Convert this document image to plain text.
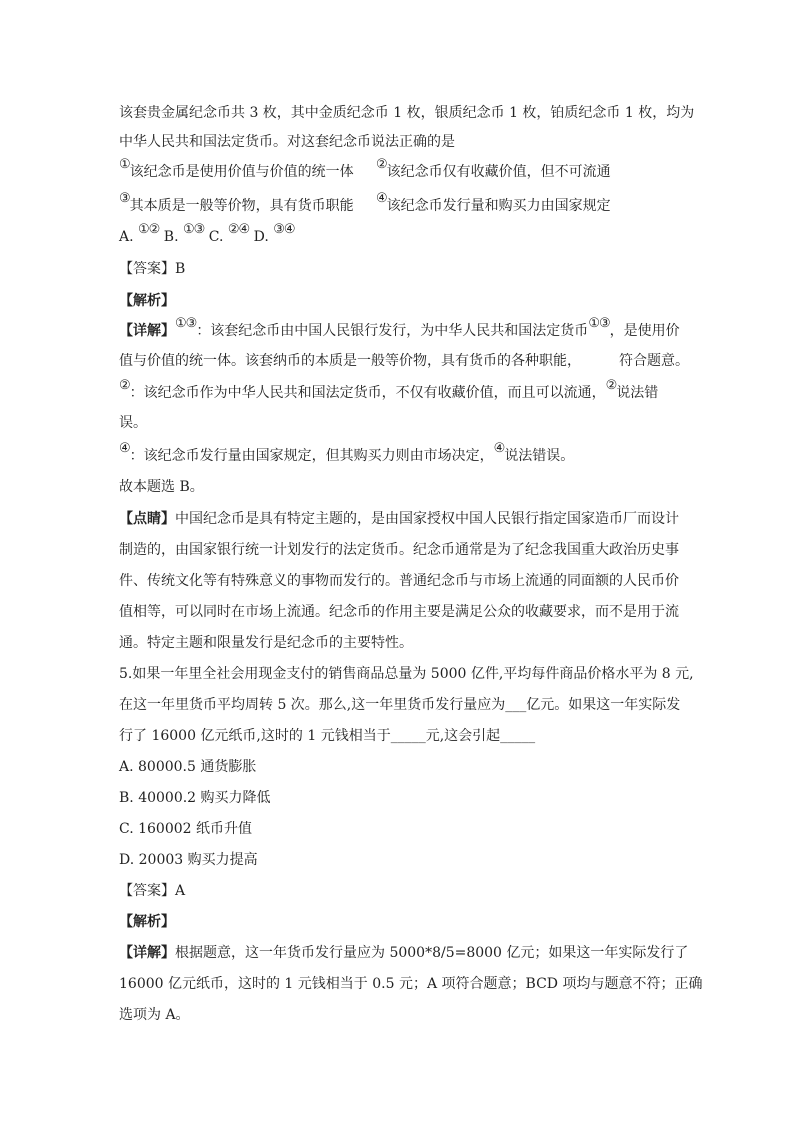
该套贵金属纪念币共 3 枚，其中金质纪念币 1 枚，银质纪念币 1 枚，铂质纪念币 1 枚，均为
中华人民共和国法定货币。对这套纪念币说法正确的是
①该纪念币是使用价值与价值的统一体 ②该纪念币仅有收藏价值，但不可流通
③其本质是一般等价物，具有货币职能 ④该纪念币发行量和购买力由国家规定
A. ①② B. ①③ C. ②④ D. ③④
【答案】B
【解析】
【详解】①③：该套纪念币由中国人民银行发行，为中华人民共和国法定货币①③，是使用价
值与价值的统一体。该套纳币的本质是一般等价物，具有货币的各种职能，	符合题意。
②：该纪念币作为中华人民共和国法定货币，不仅有收藏价值，而且可以流通，②说法错
误。
④：该纪念币发行量由国家规定，但其购买力则由市场决定，④说法错误。
故本题选 B。
【点睛】中国纪念币是具有特定主题的，是由国家授权中国人民银行指定国家造币厂而设计
制造的，由国家银行统一计划发行的法定货币。纪念币通常是为了纪念我国重大政治历史事
件、传统文化等有特殊意义的事物而发行的。普通纪念币与市场上流通的同面额的人民币价
值相等，可以同时在市场上流通。纪念币的作用主要是满足公众的收藏要求，而不是用于流
通。特定主题和限量发行是纪念币的主要特性。
5.如果一年里全社会用现金支付的销售商品总量为 5000 亿件,平均每件商品价格水平为 8 元,
在这一年里货币平均周转 5 次。那么,这一年里货币发行量应为___亿元。如果这一年实际发
行了 16000 亿元纸币,这时的 1 元钱相当于_____元,这会引起_____
A. 80000.5 通货膨胀
B. 40000.2 购买力降低
C. 160002 纸币升值
D. 20003 购买力提高
【答案】A
【解析】
【详解】根据题意，这一年货币发行量应为 5000*8/5=8000 亿元；如果这一年实际发行了
16000 亿元纸币，这时的 1 元钱相当于 0.5 元；A 项符合题意；BCD 项均与题意不符；正确
选项为 A。
